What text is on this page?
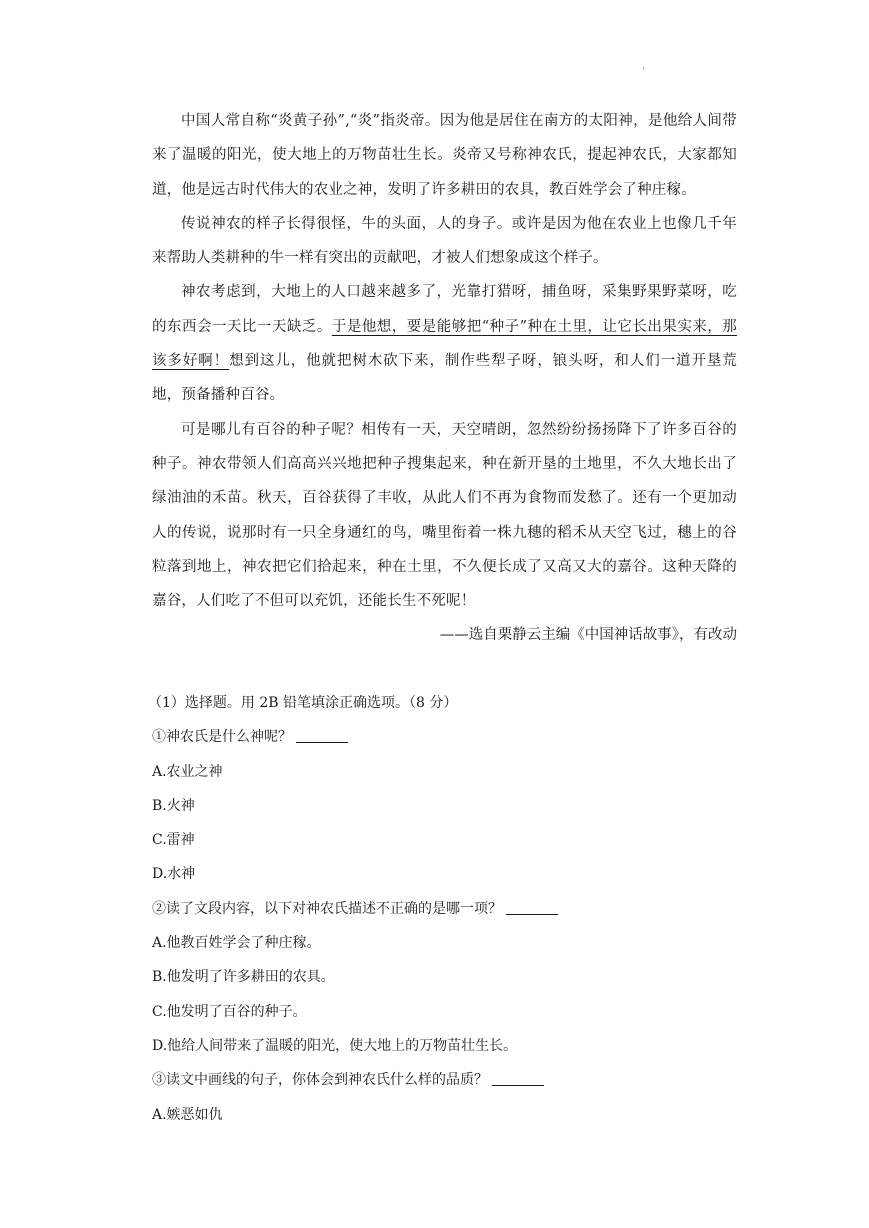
.

中国人常自称“炎黄子孙”,“炎”指炎帝。因为他是居住在南方的太阳神，是他给人间带来了温暖的阳光，使大地上的万物苗壮生长。炎帝又号称神农氏，提起神农氏，大家都知道，他是远古时代伟大的农业之神，发明了许多耕田的农具，教百姓学会了种庄稼。

传说神农的样子长得很怪，牛的头面，人的身子。或许是因为他在农业上也像几千年来帮助人类耕种的牛一样有突出的贡献吧，才被人们想象成这个样子。

神农考虑到，大地上的人口越来越多了，光靠打猎呀，捕鱼呀，采集野果野菜呀，吃的东西会一天比一天缺乏。于是他想，要是能够把“种子”种在土里，让它长出果实来，那该多好啊！想到这儿，他就把树木砍下来，制作些犁子呀，锒头呀，和人们一道开垦荒地，预备播种百谷。

可是哪儿有百谷的种子呢？相传有一天，天空晴朗，忽然纷纷扬扬降下了许多百谷的种子。神农带领人们高高兴兴地把种子搜集起来，种在新开垦的土地里，不久大地长出了绿油油的禾苗。秋天，百谷获得了丰收，从此人们不再为食物而发愁了。还有一个更加动人的传说，说那时有一只全身通红的鸟，嘴里衔着一株九穗的稻禾从天空飞过，穗上的谷粒落到地上，神农把它们拾起来，种在土里，不久便长成了又高又大的嘉谷。这种天降的嘉谷，人们吃了不但可以充饥，还能长生不死呢！

——选自栗静云主编《中国神话故事》，有改动

（1）选择题。用 2B 铅笔填涂正确选项。（8 分）

①神农氏是什么神呢？

A.农业之神

B.火神

C.雷神

D.水神

②读了文段内容，以下对神农氏描述不正确的是哪一项？

A.他教百姓学会了种庄稼。

B.他发明了许多耕田的农具。

C.他发明了百谷的种子。

D.他给人间带来了温暖的阳光，使大地上的万物苗壮生长。

③读文中画线的句子，你体会到神农氏什么样的品质？

A.嫉恶如仇
